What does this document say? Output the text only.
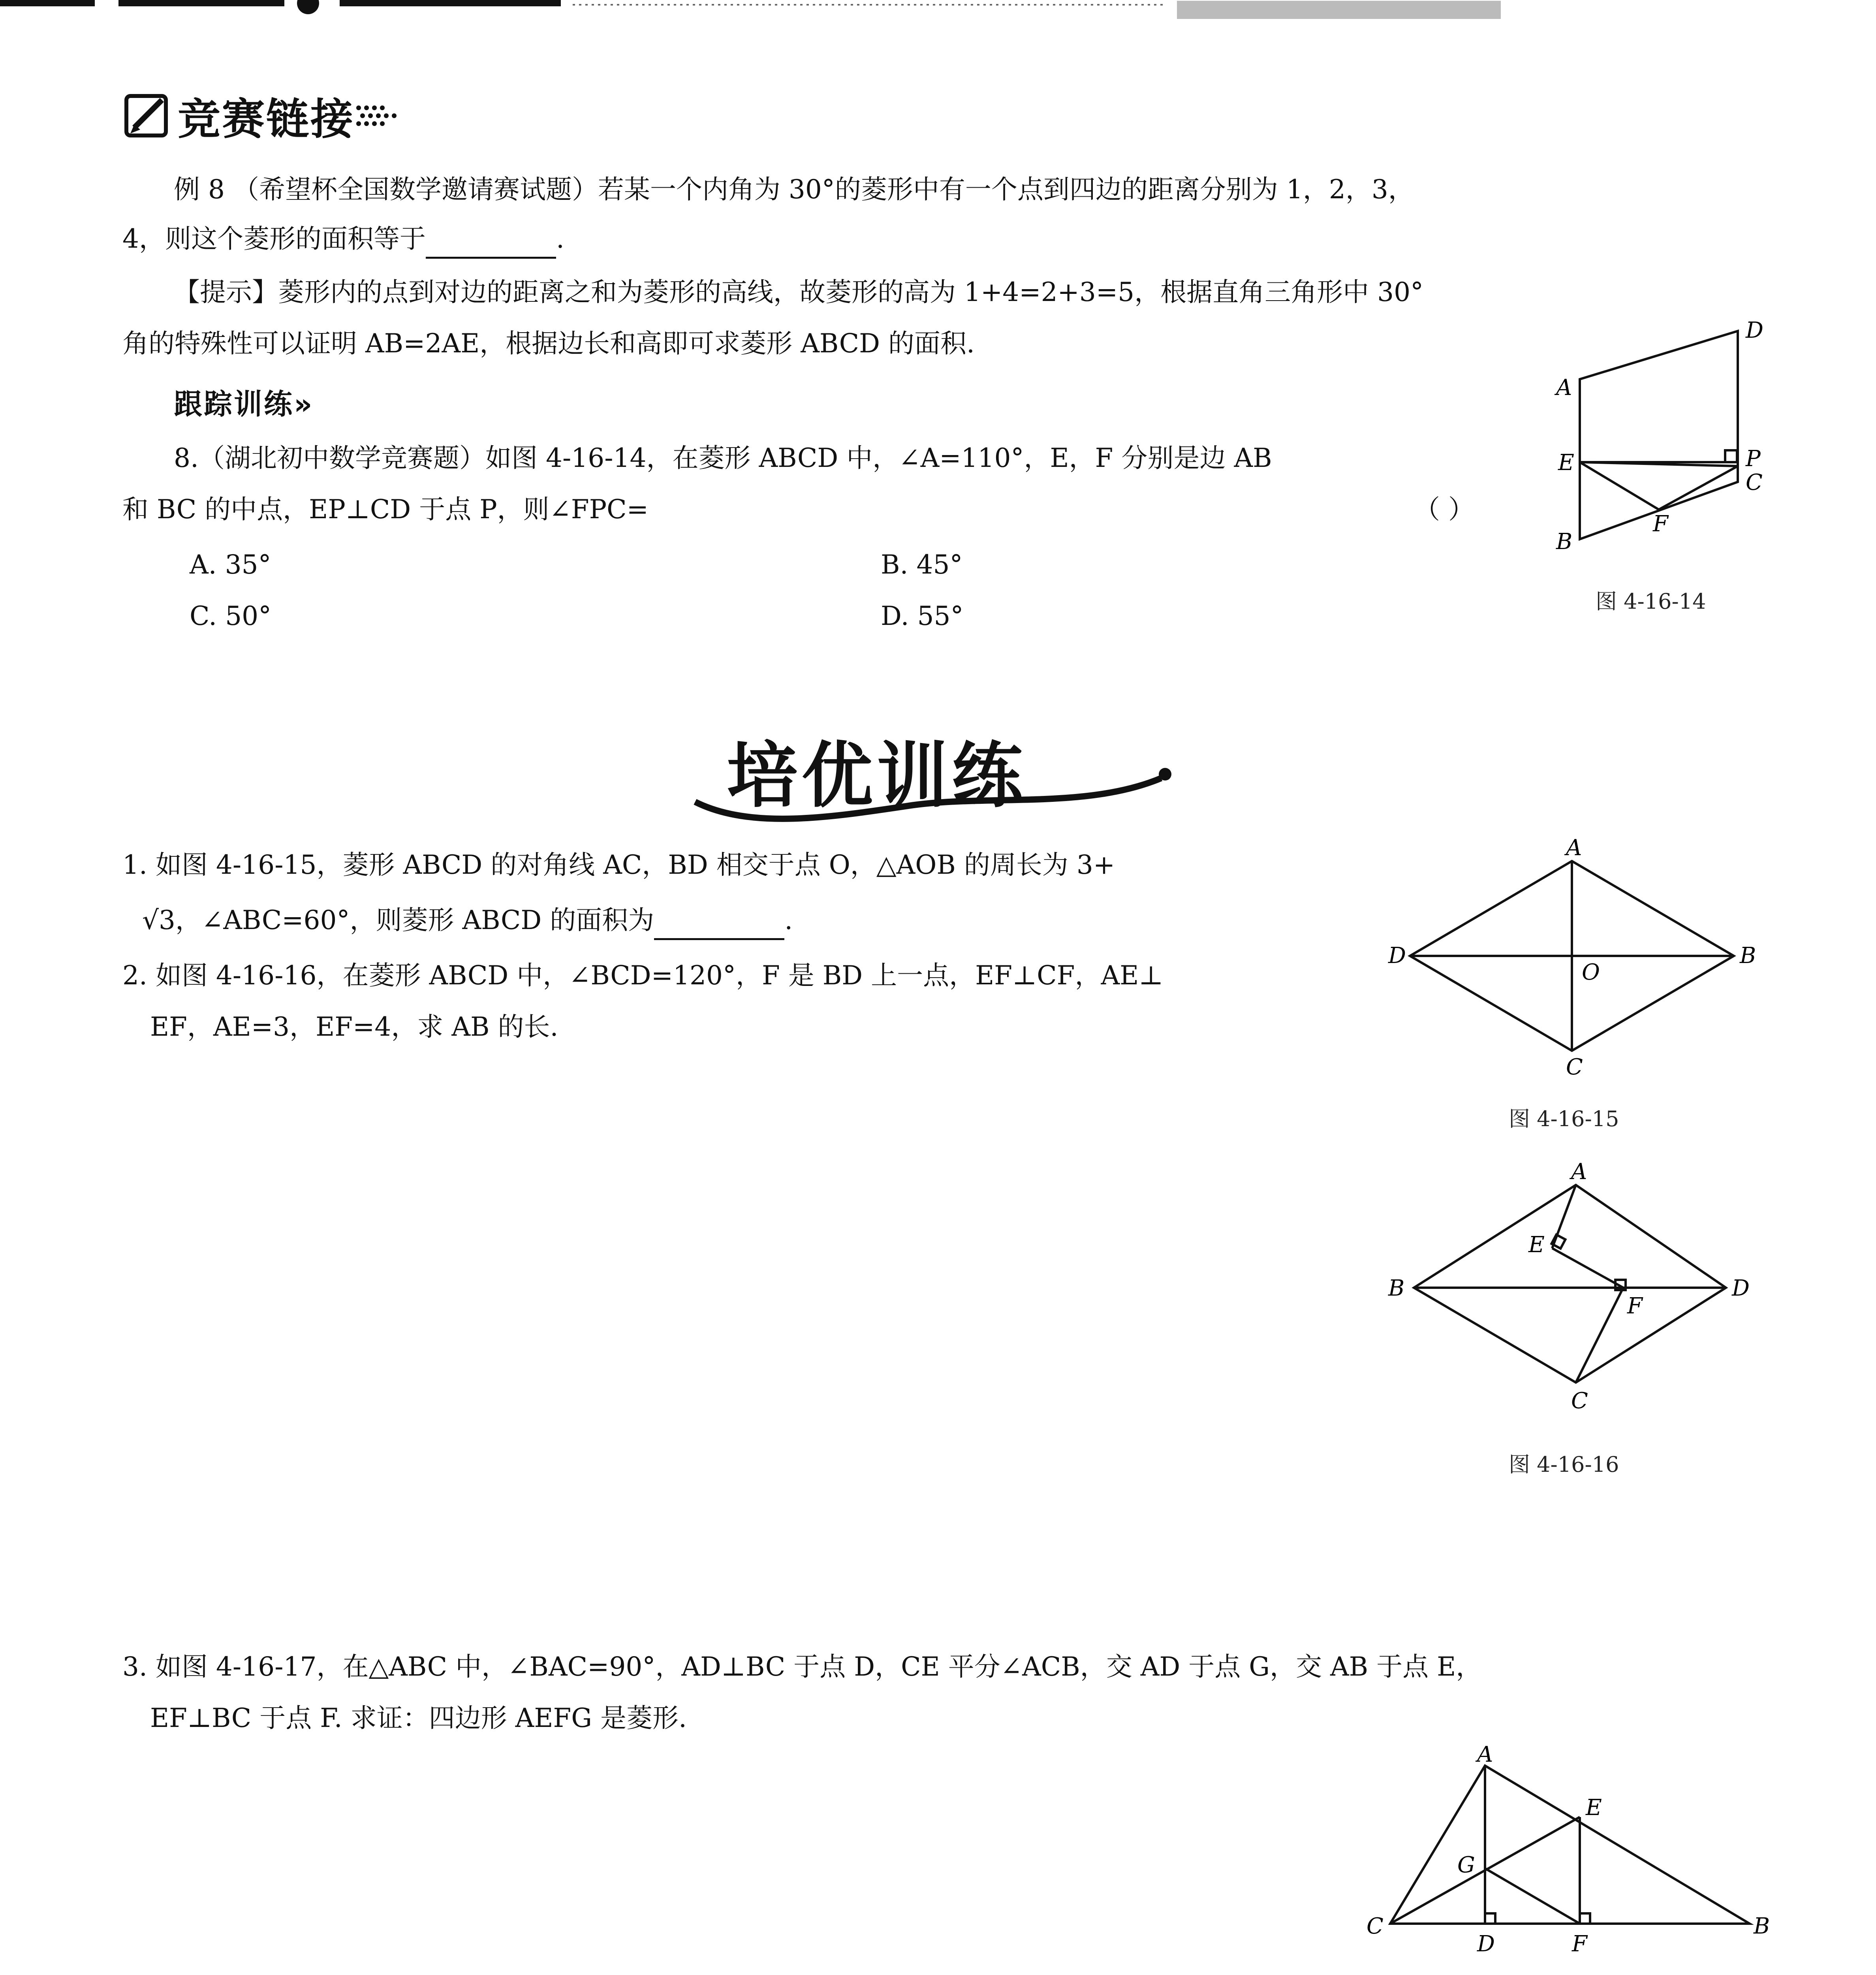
竞赛链接
例 8 （希望杯全国数学邀请赛试题）若某一个内角为 30°的菱形中有一个点到四边的距离分别为 1，2，3，
4，则这个菱形的面积等于	.
【提示】菱形内的点到对边的距离之和为菱形的高线，故菱形的高为 1+4=2+3=5，根据直角三角形中 30°
角的特殊性可以证明 AB=2AE，根据边长和高即可求菱形 ABCD 的面积.
跟踪训练»
8.（湖北初中数学竞赛题）如图 4-16-14，在菱形 ABCD 中，∠A=110°，E，F 分别是边 AB
和 BC 的中点，EP⊥CD 于点 P，则∠FPC=	（ ）
A. 35°	B. 45°
C. 50°	D. 55°
A
D
E	P
C
B
F
图 4-16-14
培优训练
1. 如图 4-16-15，菱形 ABCD 的对角线 AC，BD 相交于点 O，△AOB 的周长为 3+
√3，∠ABC=60°，则菱形 ABCD 的面积为	.
2. 如图 4-16-16，在菱形 ABCD 中，∠BCD=120°，F 是 BD 上一点，EF⊥CF，AE⊥
EF，AE=3，EF=4，求 AB 的长.
A
B
C
D
O
图 4-16-15
A
B
C
D
E
F
图 4-16-16
3. 如图 4-16-17，在△ABC 中，∠BAC=90°，AD⊥BC 于点 D，CE 平分∠ACB，交 AD 于点 G，交 AB 于点 E，
EF⊥BC 于点 F. 求证：四边形 AEFG 是菱形.
A
B
C
D
E
F
G
